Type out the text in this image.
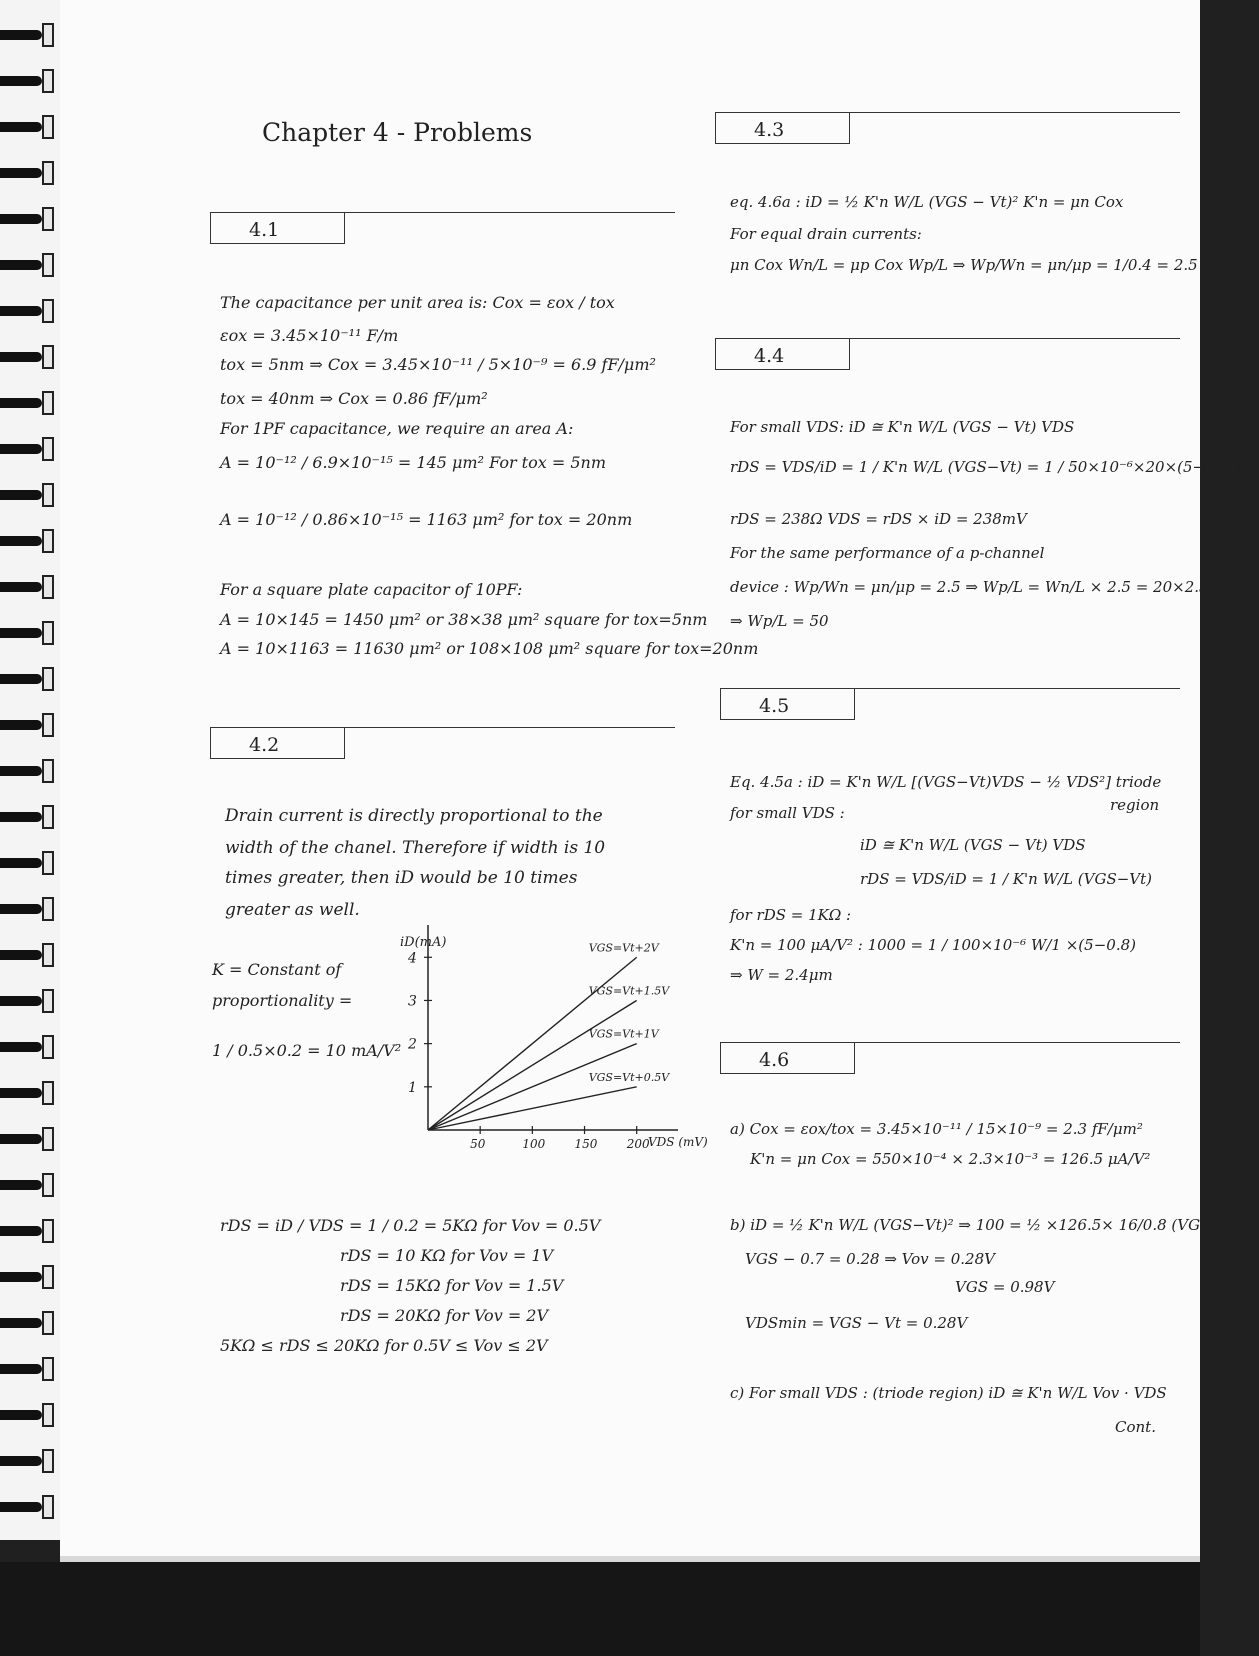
Chapter 4 - Problems
4.1
The capacitance per unit area is: Cox = εox / tox
εox = 3.45×10⁻¹¹ F/m
tox = 5nm ⇒ Cox = 3.45×10⁻¹¹ / 5×10⁻⁹ = 6.9 fF/μm²
tox = 40nm ⇒ Cox = 0.86 fF/μm²
For 1PF capacitance, we require an area A:
A = 10⁻¹² / 6.9×10⁻¹⁵ = 145 μm² For tox = 5nm
A = 10⁻¹² / 0.86×10⁻¹⁵ = 1163 μm² for tox = 20nm
For a square plate capacitor of 10PF:
A = 10×145 = 1450 μm² or 38×38 μm² square for tox=5nm
A = 10×1163 = 11630 μm² or 108×108 μm² square for tox=20nm
4.2
Drain current is directly proportional to the
width of the chanel. Therefore if width is 10
times greater, then iD would be 10 times
greater as well.
K = Constant of
proportionality =
1 / 0.5×0.2 = 10 mA/V²
iD(mA)
VDS (mV)
50	100 150 200
1
2
3
4
VGS=Vt+2V
VGS=Vt+1.5V
VGS=Vt+1V
VGS=Vt+0.5V
rDS = iD / VDS = 1 / 0.2 = 5KΩ for Vov = 0.5V
rDS = 10 KΩ for Vov = 1V
rDS = 15KΩ for Vov = 1.5V
rDS = 20KΩ for Vov = 2V
5KΩ ≤ rDS ≤ 20KΩ for 0.5V ≤ Vov ≤ 2V
4.3
eq. 4.6a : iD = ½ K'n W/L (VGS − Vt)² K'n = μn Cox
For equal drain currents:
μn Cox Wn/L = μp Cox Wp/L ⇒ Wp/Wn = μn/μp = 1/0.4 = 2.5
4.4
For small VDS: iD ≅ K'n W/L (VGS − Vt) VDS
rDS = VDS/iD = 1 / K'n W/L (VGS−Vt) = 1 / 50×10⁻⁶×20×(5−0.8)
rDS = 238Ω VDS = rDS × iD = 238mV
For the same performance of a p-channel
device : Wp/Wn = μn/μp = 2.5 ⇒ Wp/L = Wn/L × 2.5 = 20×2.5
⇒ Wp/L = 50
4.5
Eq. 4.5a : iD = K'n W/L [(VGS−Vt)VDS − ½ VDS²] triode
region
for small VDS :
iD ≅ K'n W/L (VGS − Vt) VDS
rDS = VDS/iD = 1 / K'n W/L (VGS−Vt)
for rDS = 1KΩ :
K'n = 100 μA/V² : 1000 = 1 / 100×10⁻⁶ W/1 ×(5−0.8)
⇒ W = 2.4μm
4.6
a) Cox = εox/tox = 3.45×10⁻¹¹ / 15×10⁻⁹ = 2.3 fF/μm²
K'n = μn Cox = 550×10⁻⁴ × 2.3×10⁻³ = 126.5 μA/V²
b) iD = ½ K'n W/L (VGS−Vt)² ⇒ 100 = ½ ×126.5× 16/0.8 (VGS−0.7)²
VGS − 0.7 = 0.28 ⇒ Vov = 0.28V
VGS = 0.98V
VDSmin = VGS − Vt = 0.28V
c) For small VDS : (triode region) iD ≅ K'n W/L Vov · VDS
Cont.
